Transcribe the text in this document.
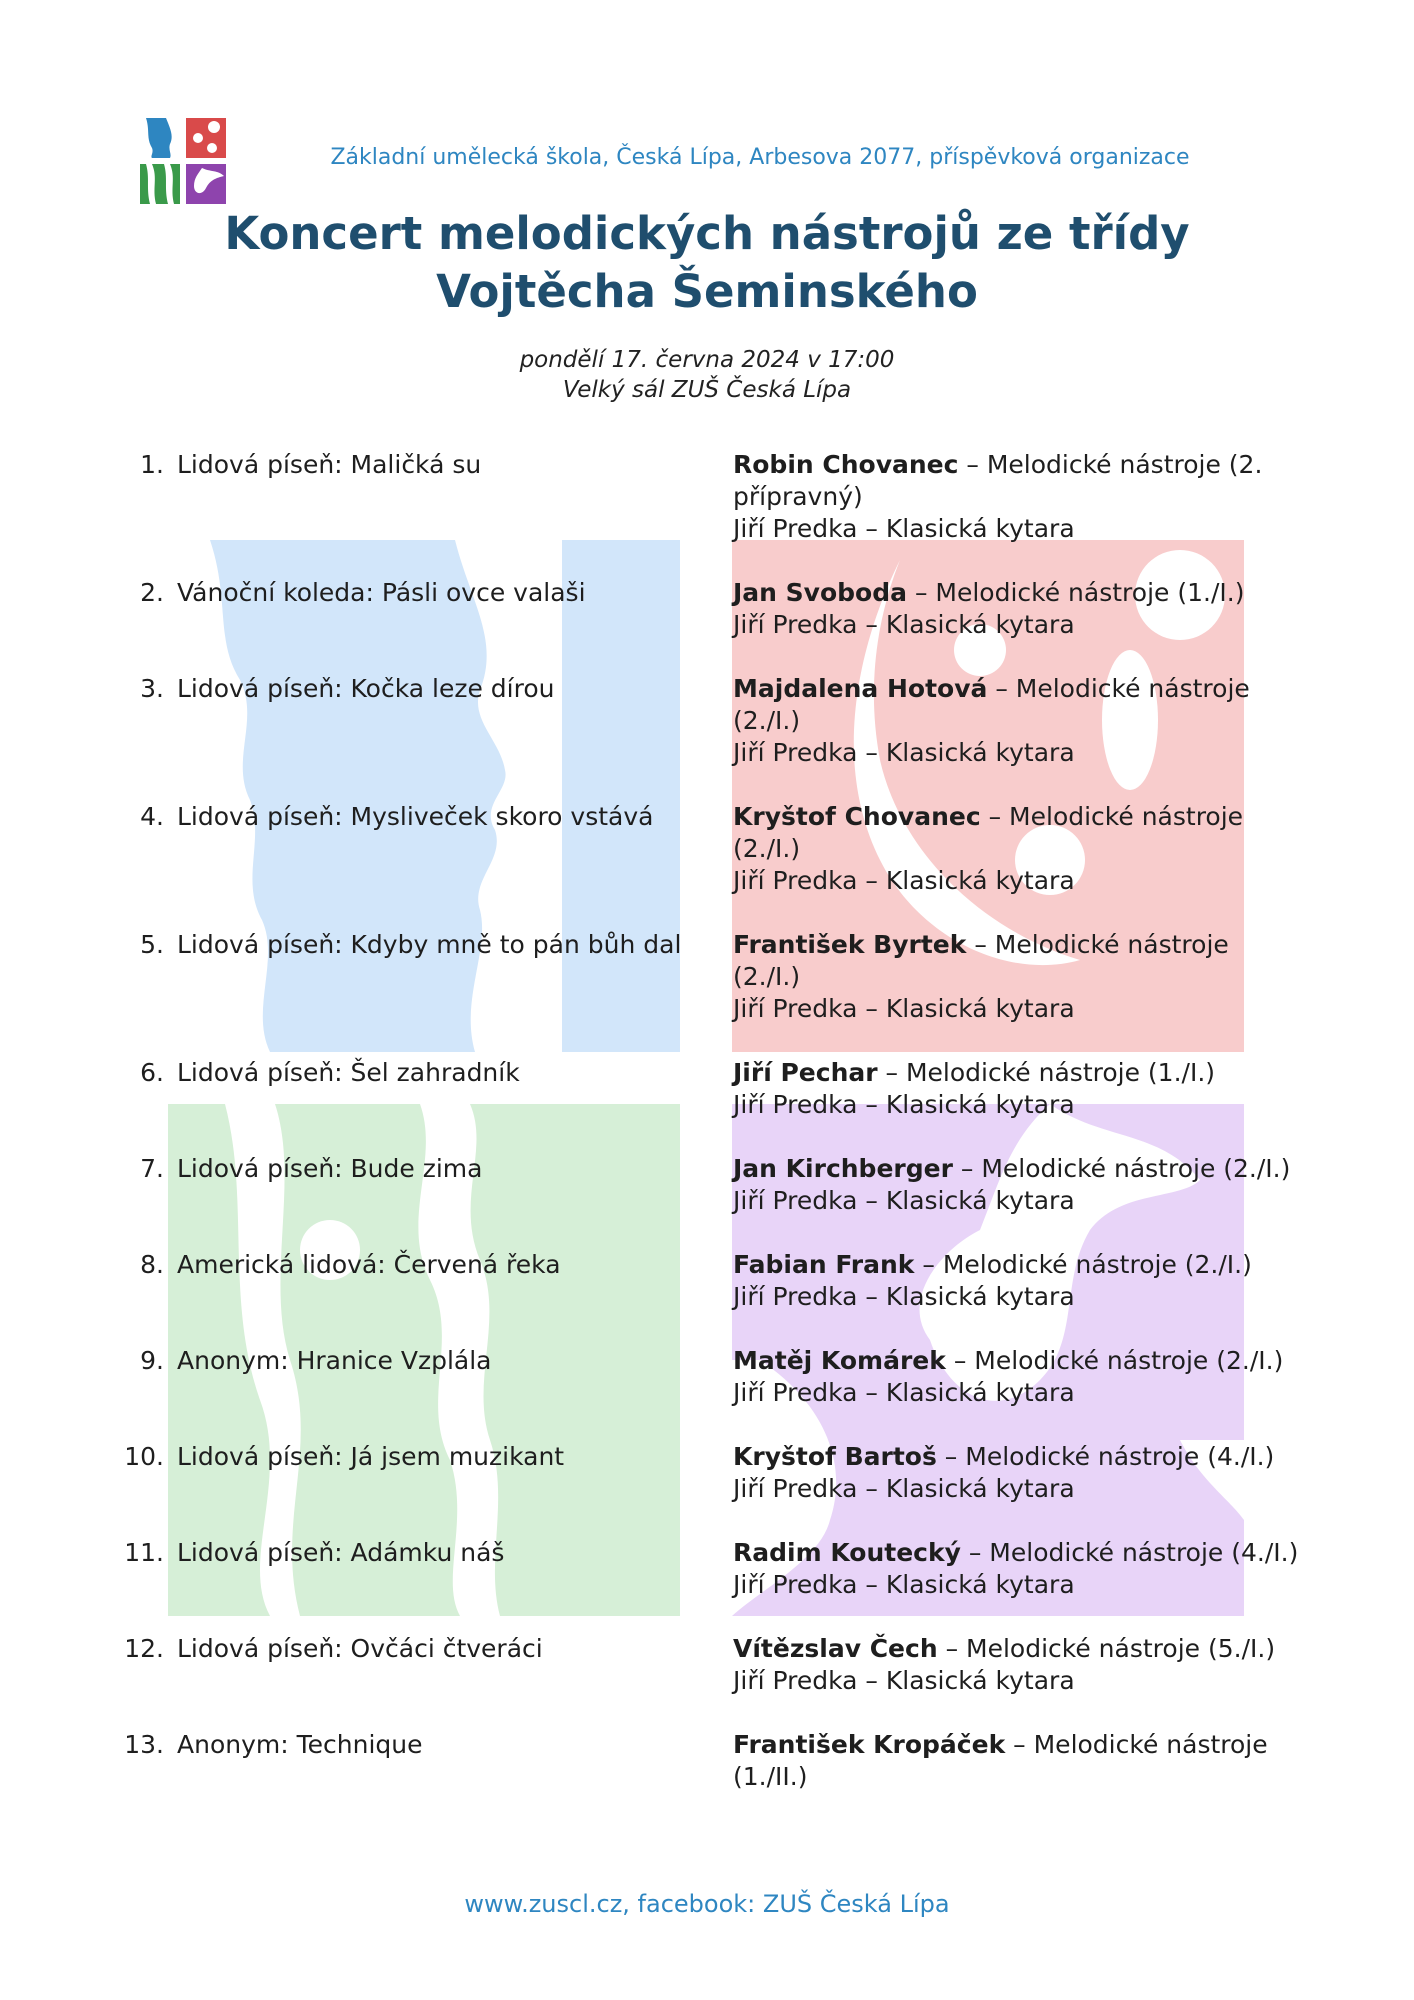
Základní umělecká škola, Česká Lípa, Arbesova 2077, příspěvková organizace
Koncert melodických nástrojů ze třídy
Vojtěcha Šeminského
pondělí 17. června 2024 v 17:00
Velký sál ZUŠ Česká Lípa
1. Lidová píseň: Maličká su	Robin Chovanec – Melodické nástroje (2. přípravný)
Jiří Predka – Klasická kytara
2. Vánoční koleda: Pásli ovce valaši	Jan Svoboda – Melodické nástroje (1./I.)
Jiří Predka – Klasická kytara
3. Lidová píseň: Kočka leze dírou	Majdalena Hotová – Melodické nástroje (2./I.)
Jiří Predka – Klasická kytara
4. Lidová píseň: Myslivеček skoro vstává	Kryštof Chovanec – Melodické nástroje (2./I.)
Jiří Predka – Klasická kytara
5. Lidová píseň: Kdyby mně to pán bůh dal	František Byrtek – Melodické nástroje (2./I.)
Jiří Predka – Klasická kytara
6. Lidová píseň: Šel zahradník	Jiří Pechar – Melodické nástroje (1./I.)
Jiří Predka – Klasická kytara
7. Lidová píseň: Bude zima	Jan Kirchberger – Melodické nástroje (2./I.)
Jiří Predka – Klasická kytara
8. Americká lidová: Červená řeka	Fabian Frank – Melodické nástroje (2./I.)
Jiří Predka – Klasická kytara
9. Anonym: Hranice Vzplála	Matěj Komárek – Melodické nástroje (2./I.)
Jiří Predka – Klasická kytara
10. Lidová píseň: Já jsem muzikant	Kryštof Bartoš – Melodické nástroje (4./I.)
Jiří Predka – Klasická kytara
11. Lidová píseň: Adámku náš	Radim Koutecký – Melodické nástroje (4./I.)
Jiří Predka – Klasická kytara
12. Lidová píseň: Ovčáci čtveráci	Vítězslav Čech – Melodické nástroje (5./I.)
Jiří Predka – Klasická kytara
13. Anonym: Technique	František Kropáček – Melodické nástroje (1./II.)
www.zuscl.cz, facebook: ZUŠ Česká Lípa
